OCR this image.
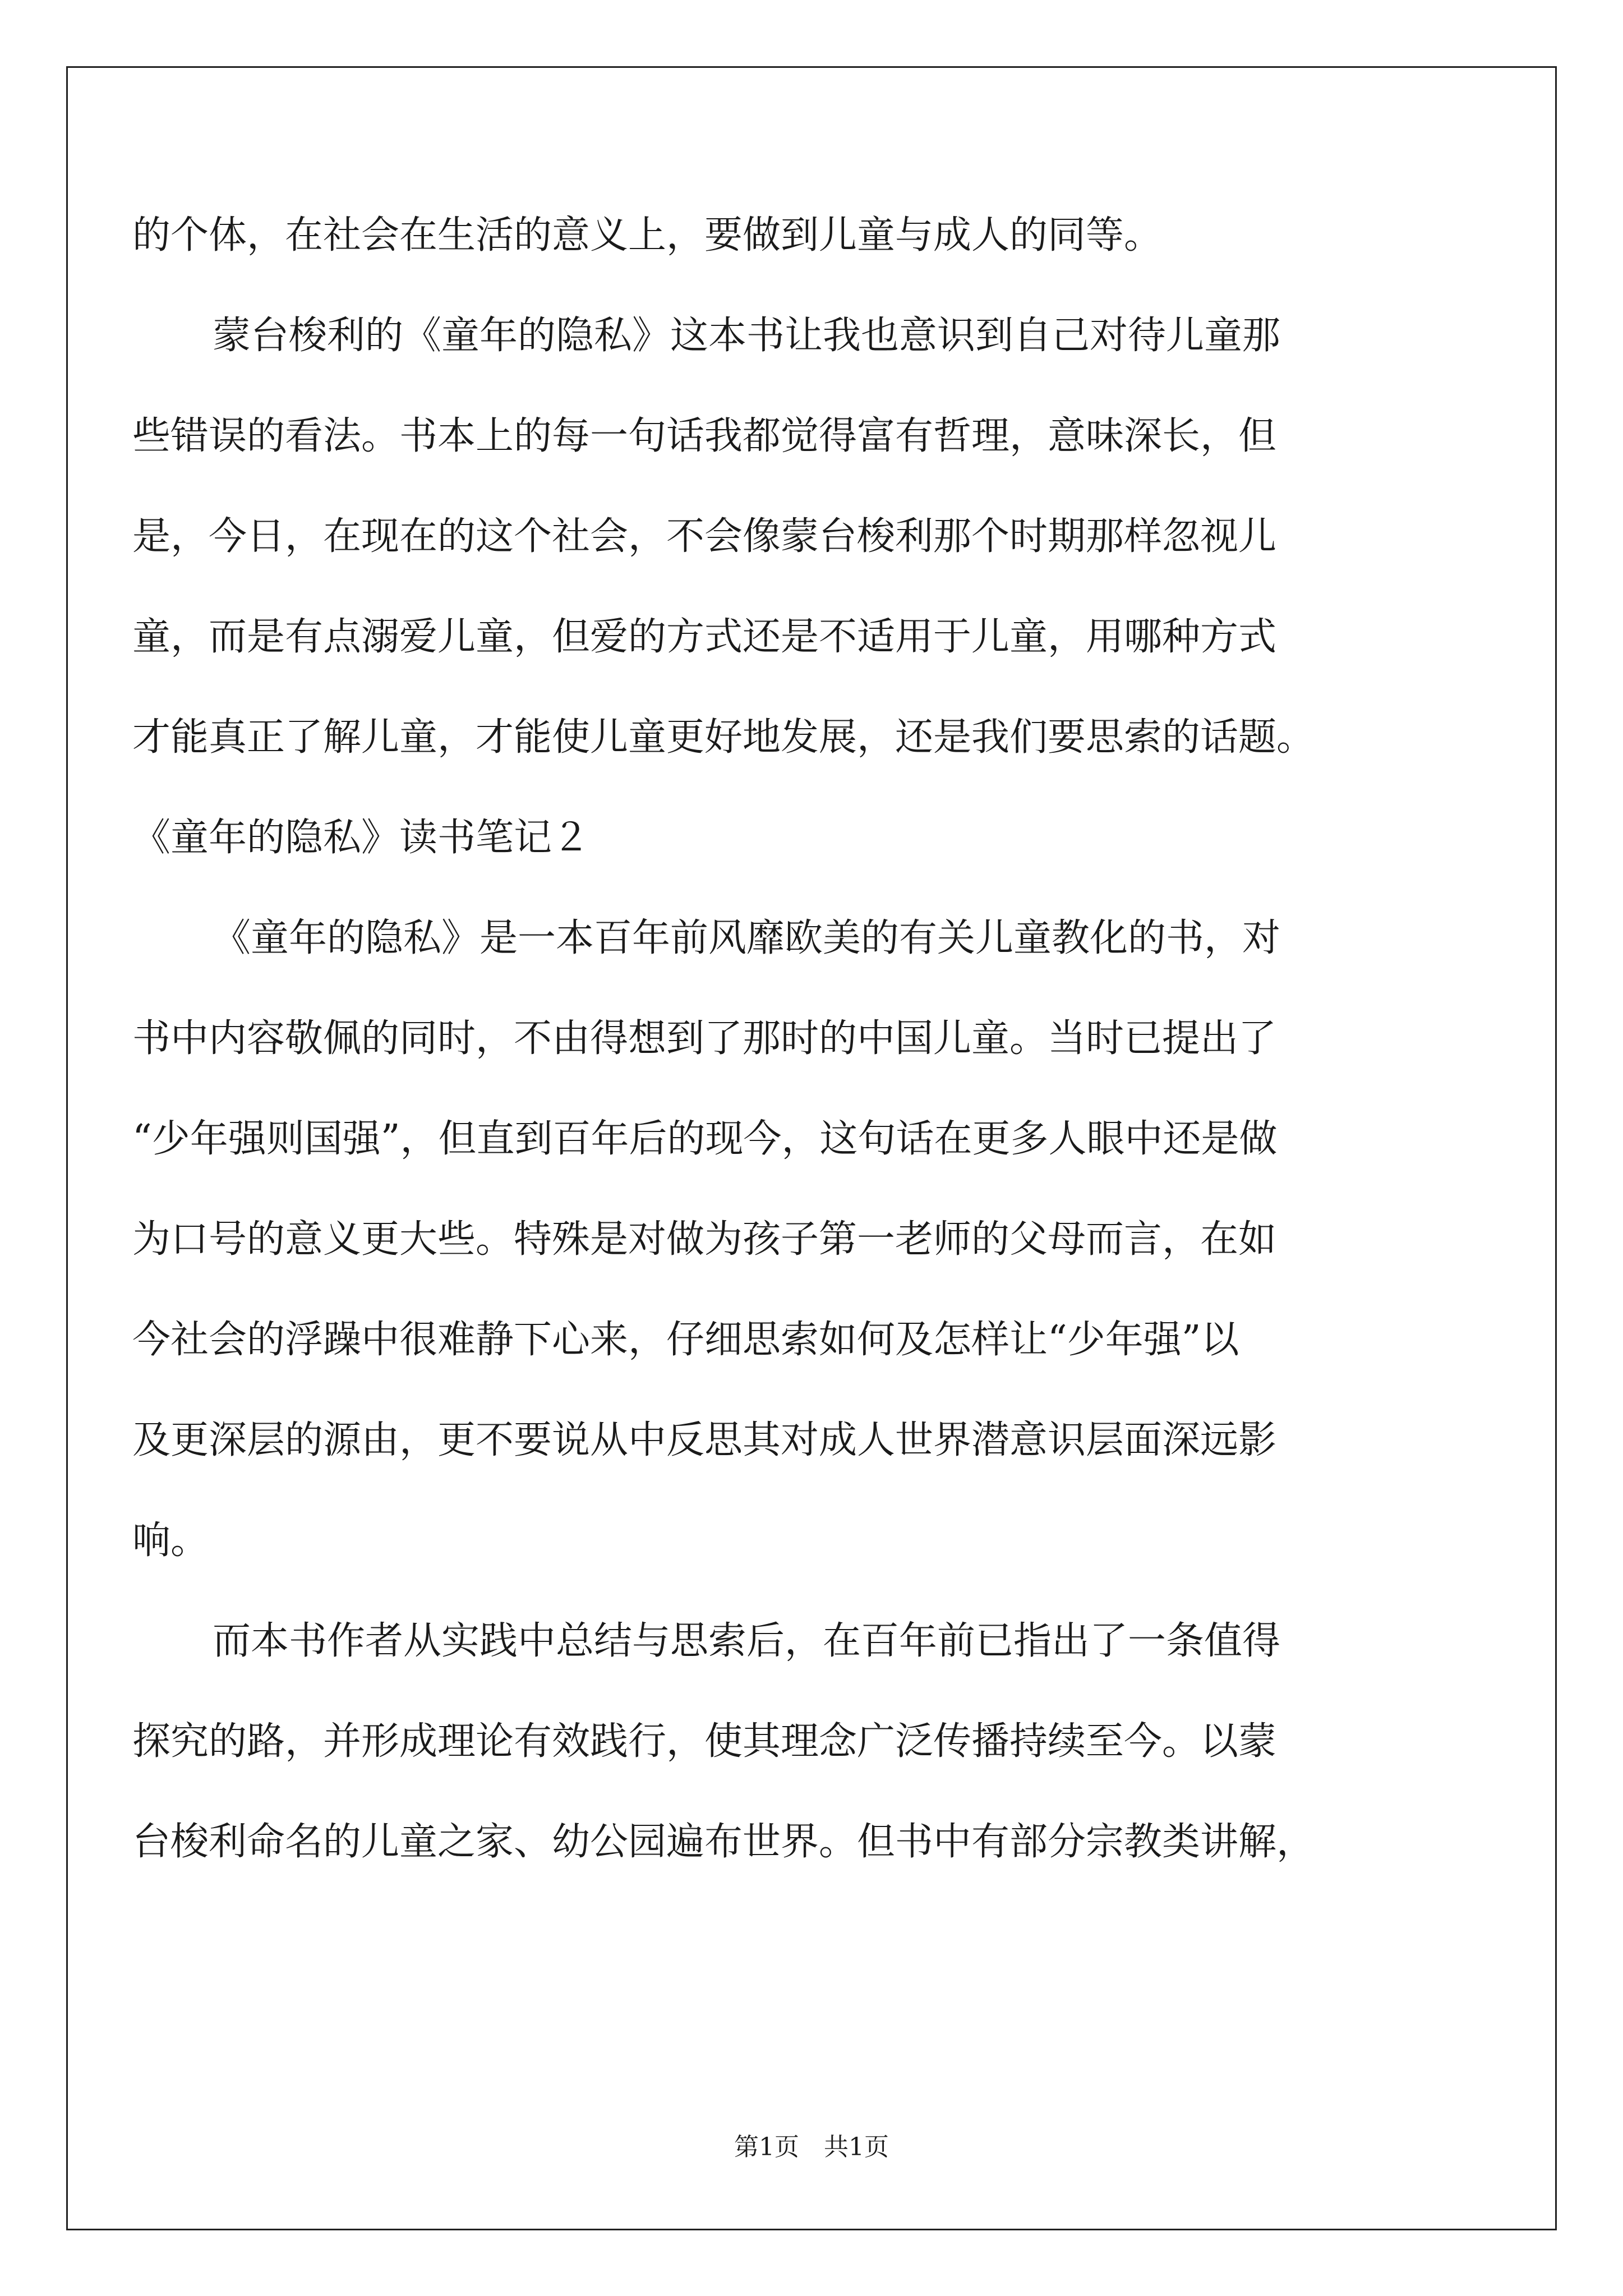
的个体，在社会在生活的意义上，要做到儿童与成人的同等。
蒙台梭利的《童年的隐私》这本书让我也意识到自己对待儿童那
些错误的看法。书本上的每一句话我都觉得富有哲理，意味深长，但
是，今日，在现在的这个社会，不会像蒙台梭利那个时期那样忽视儿
童，而是有点溺爱儿童，但爱的方式还是不适用于儿童，用哪种方式
才能真正了解儿童，才能使儿童更好地发展，还是我们要思索的话题。
《童年的隐私》读书笔记２
《童年的隐私》是一本百年前风靡欧美的有关儿童教化的书，对
书中内容敬佩的同时，不由得想到了那时的中国儿童。当时已提出了
“少年强则国强”，但直到百年后的现今，这句话在更多人眼中还是做
为口号的意义更大些。特殊是对做为孩子第一老师的父母而言，在如
今社会的浮躁中很难静下心来，仔细思索如何及怎样让“少年强”以
及更深层的源由，更不要说从中反思其对成人世界潜意识层面深远影
响。
而本书作者从实践中总结与思索后，在百年前已指出了一条值得
探究的路，并形成理论有效践行，使其理念广泛传播持续至今。以蒙
台梭利命名的儿童之家、幼公园遍布世界。但书中有部分宗教类讲解，
第1页　共1页
